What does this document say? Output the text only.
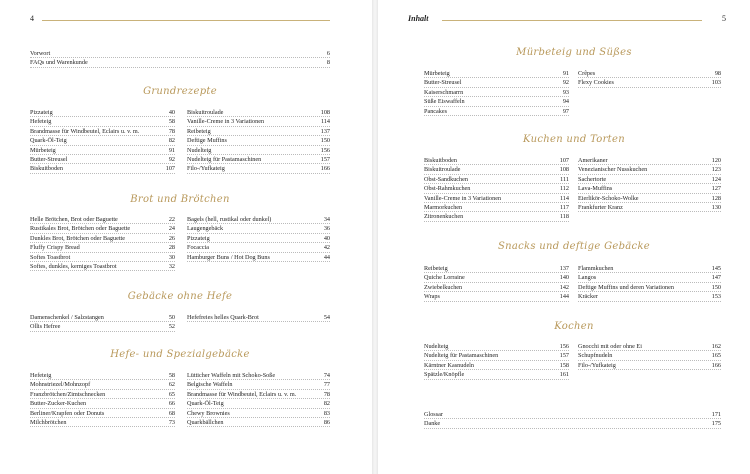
4
Vorwort	6
FAQs und Warenkunde	8
Grundrezepte
Pizzateig	40
Hefeteig	58
Brandmasse für Windbeutel, Eclairs u. v. m.	78
Quark-Öl-Teig	82
Mürbeteig	91
Butter-Streusel	92
Biskuitboden	107
Biskuitroulade	108
Vanille-Creme in 3 Variationen	114
Reibeteig	137
Deftige Muffins	150
Nudelteig	156
Nudelteig für Pastamaschinen	157
Filo-/Yufkateig	166
Brot und Brötchen
Helle Brötchen, Brot oder Baguette	22
Rustikales Brot, Brötchen oder Baguette	24
Dunkles Brot, Brötchen oder Baguette	26
Fluffy Crispy Bread	28
Softes Toastbrot	30
Softes, dunkles, kerniges Toastbrot	32
Bagels (hell, rustikal oder dunkel)	34
Laugengebäck	36
Pizzateig	40
Focaccia	42
Hamburger Buns / Hot Dog Buns	44
Gebäcke ohne Hefe
Damenschenkel / Salzstangen	50
Ollis Hefree	52
Hefefreies helles Quark-Brot	54
Hefe- und Spezialgebäcke
Hefeteig	58
Mohnstriezel/Mohnzopf	62
Franzbrötchen/Zimtschnecken	65
Butter-Zucker-Kuchen	66
Berliner/Krapfen oder Donuts	68
Milchbrötchen	73
Lütticher Waffeln mit Schoko-Soße	74
Belgische Waffeln	77
Brandmasse für Windbeutel, Eclairs u. v. m.	78
Quark-Öl-Teig	82
Chewy Brownies	83
Quarkbällchen	86
Inhalt	5
Mürbeteig und Süßes
Mürbeteig	91
Butter-Streusel	92
Kaiserschmarrn	93
Süße Eiswaffeln	94
Pancakes	97
Crêpes	98
Flexy Cookies	103
Kuchen und Torten
Biskuitboden	107
Biskuitroulade	108
Obst-Sandkuchen	111
Obst-Rahmkuchen	112
Vanille-Creme in 3 Variationen	114
Marmorkuchen	117
Zitronenkuchen	118
Amerikaner	120
Venezianischer Nusskuchen	123
Sachertorte	124
Lava-Muffins	127
Eierlikör-Schoko-Wolke	128
Frankfurter Kranz	130
Snacks und deftige Gebäcke
Reibeteig	137
Quiche Lorraine	140
Zwiebelkuchen	142
Wraps	144
Flammkuchen	145
Langos	147
Deftige Muffins und deren Variationen	150
Kräcker	153
Kochen
Nudelteig	156
Nudelteig für Pastamaschinen	157
Kärntner Kasnudeln	158
Spätzle/Knöpfle	161
Gnocchi mit oder ohne Ei	162
Schupfnudeln	165
Filo-/Yufkateig	166
Glossar	171
Danke	175
